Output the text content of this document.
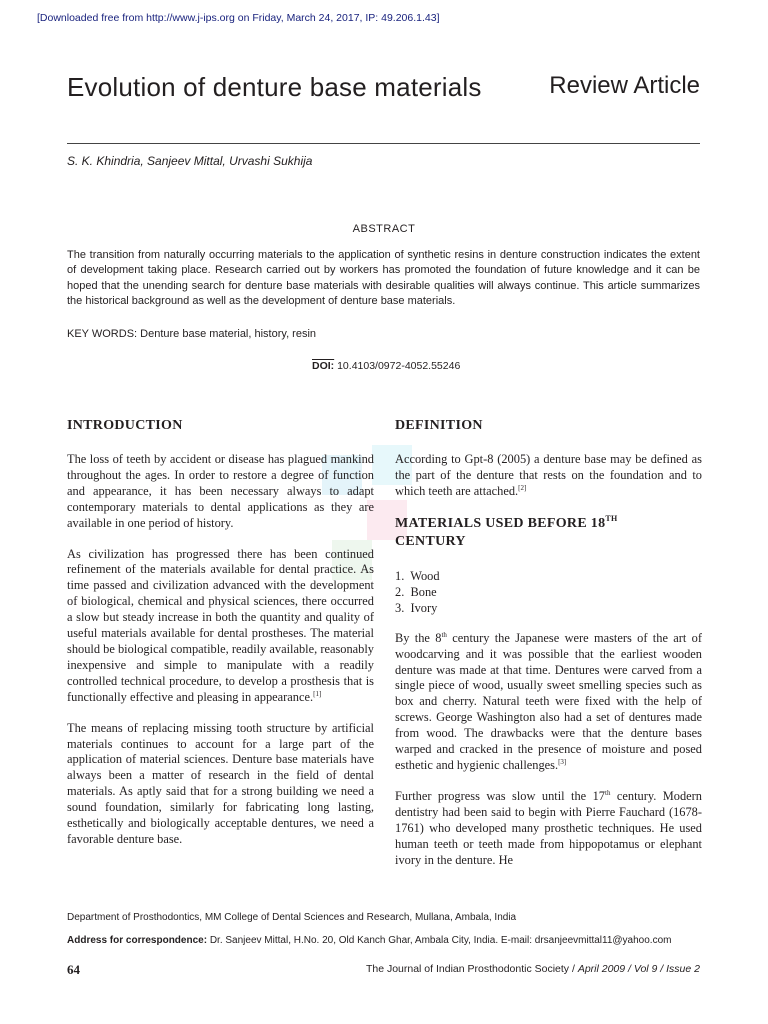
[Downloaded free from http://www.j-ips.org on Friday, March 24, 2017, IP: 49.206.1.43]
Evolution of denture base materials	Review Article
S. K. Khindria, Sanjeev Mittal, Urvashi Sukhija
ABSTRACT

The transition from naturally occurring materials to the application of synthetic resins in denture construction indicates the extent of development taking place. Research carried out by workers has promoted the foundation of future knowledge and it can be hoped that the unending search for denture base materials with desirable qualities will always continue. This article summarizes the historical background as well as the development of denture base materials.

KEY WORDS: Denture base material, history, resin
DOI: 10.4103/0972-4052.55246
INTRODUCTION

The loss of teeth by accident or disease has plagued mankind throughout the ages. In order to restore a degree of function and appearance, it has been necessary always to adapt contemporary materials to dental applications as they are available in one period of history.

As civilization has progressed there has been continued refinement of the materials available for dental practice. As time passed and civilization advanced with the development of biological, chemical and physical sciences, there occurred a slow but steady increase in both the quantity and quality of useful materials available for dental prostheses. The material should be biological compatible, readily available, reasonably inexpensive and simple to manipulate with a readily controlled technical procedure, to develop a prosthesis that is functionally effective and pleasing in appearance.[1]

The means of replacing missing tooth structure by artificial materials continues to account for a large part of the application of material sciences. Denture base materials have always been a matter of research in the field of dental materials. As aptly said that for a strong building we need a sound foundation, similarly for fabricating long lasting, esthetically and biologically acceptable dentures, we need a favorable denture base.

DEFINITION

According to Gpt-8 (2005) a denture base may be defined as the part of the denture that rests on the foundation and to which teeth are attached.[2]

MATERIALS USED BEFORE 18TH
CENTURY
1.  Wood
2.  Bone
3.  Ivory

By the 8th century the Japanese were masters of the art of woodcarving and it was possible that the earliest wooden denture was made at that time. Dentures were carved from a single piece of wood, usually sweet smelling species such as box and cherry. Natural teeth were fixed with the help of screws. George Washington also had a set of dentures made from wood. The drawbacks were that the denture bases warped and cracked in the presence of moisture and posed esthetic and hygienic challenges.[3]

Further progress was slow until the 17th century. Modern dentistry had been said to begin with Pierre Fauchard (1678-1761) who developed many prosthetic techniques. He used human teeth or teeth made from hippopotamus or elephant ivory in the denture. He

Department of Prosthodontics, MM College of Dental Sciences and Research, Mullana, Ambala, India
Address for correspondence: Dr. Sanjeev Mittal, H.No. 20, Old Kanch Ghar, Ambala City, India. E-mail: drsanjeevmittal11@yahoo.com
64	The Journal of Indian Prosthodontic Society / April 2009 / Vol 9 / Issue 2
